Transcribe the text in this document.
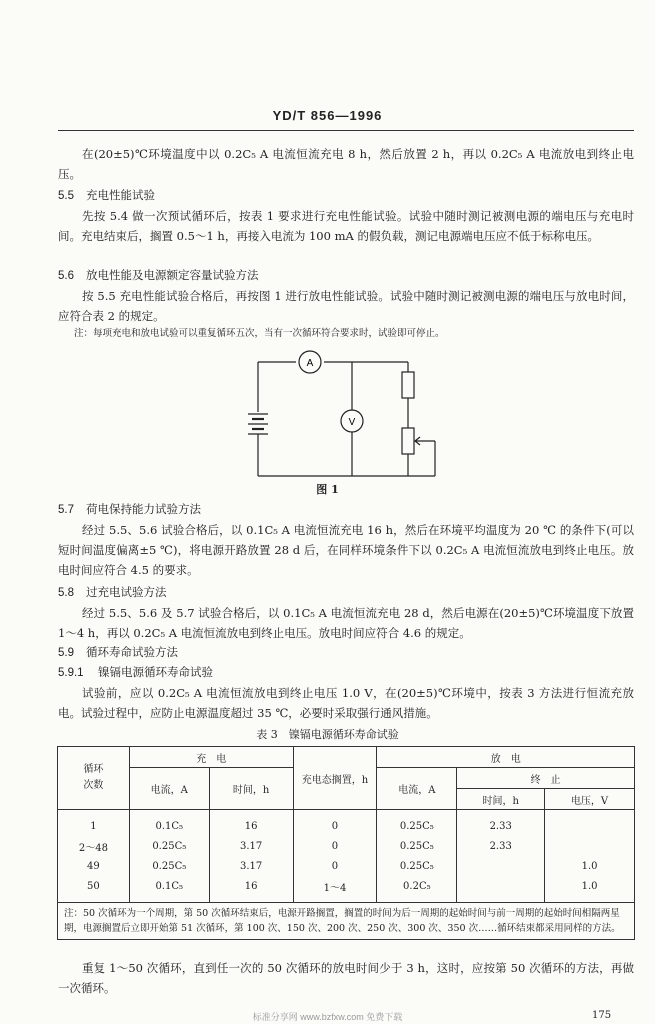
YD/T 856—1996
在(20±5)℃环境温度中以 0.2C₅ A 电流恒流充电 8 h，然后放置 2 h，再以 0.2C₅ A 电流放电到终止电压。
5.5 充电性能试验
先按 5.4 做一次预试循环后，按表 1 要求进行充电性能试验。试验中随时测记被测电源的端电压与充电时间。充电结束后，搁置 0.5～1 h，再接入电流为 100 mA 的假负载，测记电源端电压应不低于标称电压。
5.6 放电性能及电源额定容量试验方法
按 5.5 充电性能试验合格后，再按图 1 进行放电性能试验。试验中随时测记被测电源的端电压与放电时间，应符合表 2 的规定。
注：每项充电和放电试验可以重复循环五次，当有一次循环符合要求时，试验即可停止。
A
V
图 1
5.7 荷电保持能力试验方法
经过 5.5、5.6 试验合格后，以 0.1C₅ A 电流恒流充电 16 h，然后在环境平均温度为 20 ℃ 的条件下(可以短时间温度偏离±5 ℃)，将电源开路放置 28 d 后，在同样环境条件下以 0.2C₅ A 电流恒流放电到终止电压。放电时间应符合 4.5 的要求。
5.8 过充电试验方法
经过 5.5、5.6 及 5.7 试验合格后，以 0.1C₅ A 电流恒流充电 28 d，然后电源在(20±5)℃环境温度下放置 1～4 h，再以 0.2C₅ A 电流恒流放电到终止电压。放电时间应符合 4.6 的规定。
5.9 循环寿命试验方法
5.9.1 镍镉电源循环寿命试验
试验前，应以 0.2C₅ A 电流恒流放电到终止电压 1.0 V，在(20±5)℃环境中，按表 3 方法进行恒流充放电。试验过程中，应防止电源温度超过 35 ℃，必要时采取强行通风措施。
表 3　镍镉电源循环寿命试验
循环
次数	充　电		充电态搁置，h	放　电		
	电流，A	时间，h		电流，A	终　止	
					时间，h	电压，V
1	0.1C₅	16	0	0.25C₅	2.33	
2～48	0.25C₅	3.17	0	0.25C₅	2.33	
49	0.25C₅	3.17	0	0.25C₅		1.0
50	0.1C₅	16	1～4	0.2C₅		1.0
注：50 次循环为一个周期，第 50 次循环结束后，电源开路搁置，搁置的时间为后一周期的起始时间与前一周期的起始时间相隔两星期，电源搁置后立即开始第 51 次循环，第 100 次、150 次、200 次、250 次、300 次、350 次……循环结束都采用同样的方法。						
重复 1～50 次循环，直到任一次的 50 次循环的放电时间少于 3 h，这时，应按第 50 次循环的方法，再做一次循环。
标准分享网 www.bzfxw.com 免费下载	175
